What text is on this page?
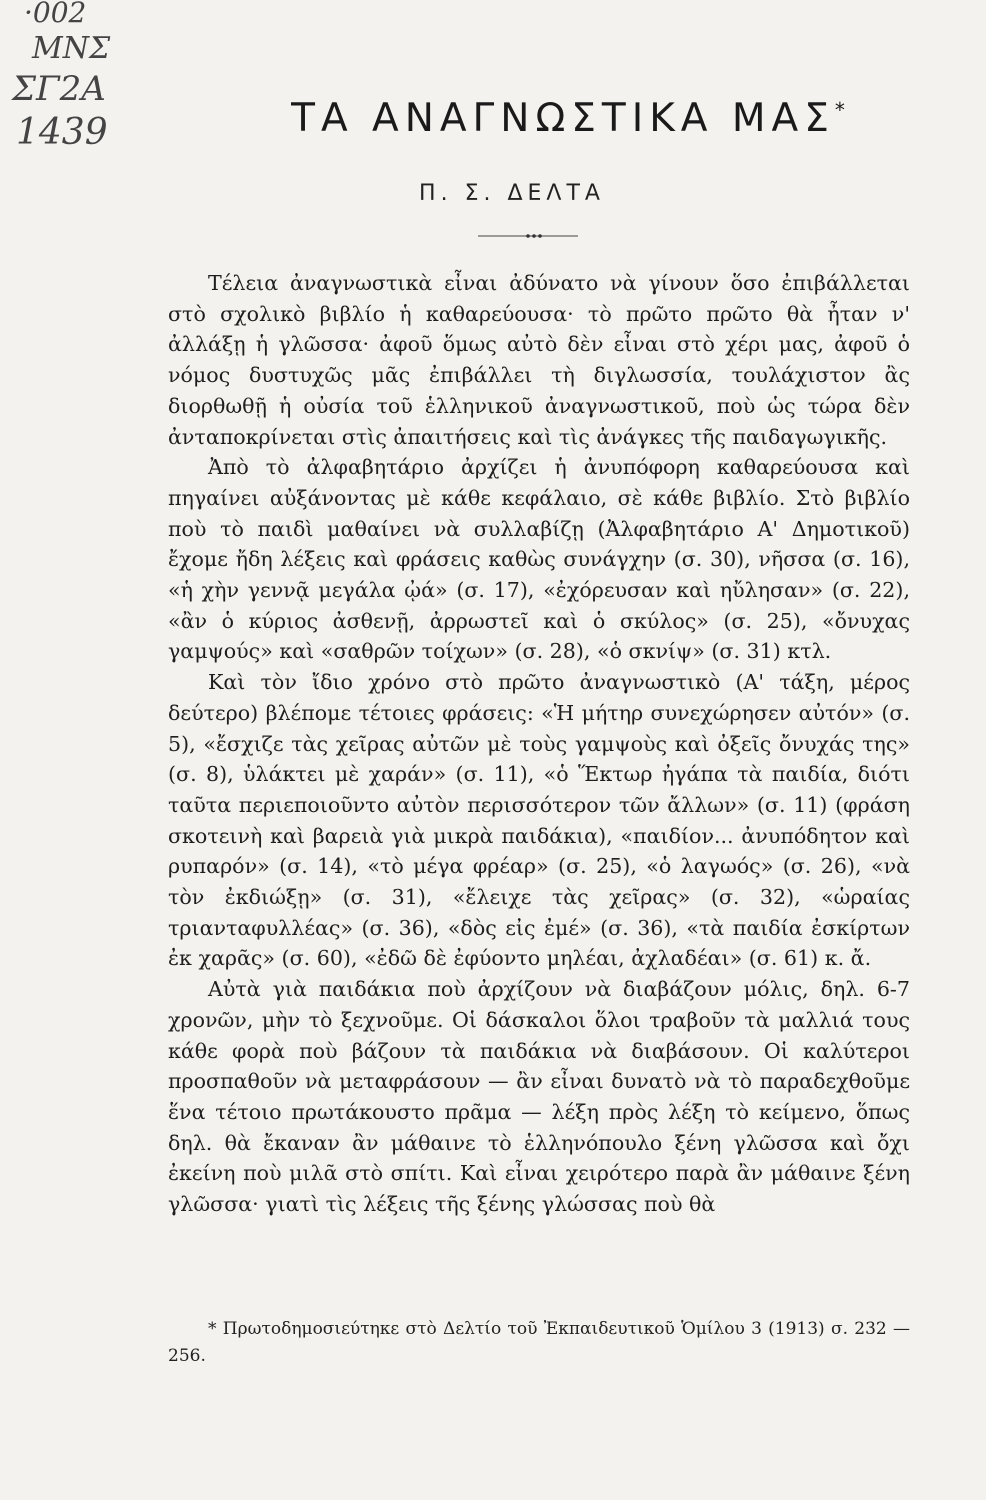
·002
ΜΝΣ
ΣΓ2Α
1439	ΤΑ ΑΝΑΓΝΩΣΤΙΚΑ ΜΑΣ*
Π. Σ. ΔΕΛΤΑ

Τέλεια ἀναγνωστικὰ εἶναι ἀδύνατο νὰ γίνουν ὅσο ἐπιβάλλεται στὸ σχολικὸ βιβλίο ἡ καθαρεύουσα· τὸ πρῶτο πρῶτο θὰ ἦταν ν' ἀλλάξῃ ἡ γλῶσσα· ἀφοῦ ὅμως αὐτὸ δὲν εἶναι στὸ χέρι μας, ἀφοῦ ὁ νόμος δυστυχῶς μᾶς ἐπιβάλλει τὴ διγλωσσία, τουλάχιστον ἂς διορθωθῇ ἡ οὐσία τοῦ ἑλληνικοῦ ἀναγνωστικοῦ, ποὺ ὡς τώρα δὲν ἀνταποκρίνεται στὶς ἀπαιτήσεις καὶ τὶς ἀνάγκες τῆς παιδαγωγικῆς.

Ἀπὸ τὸ ἀλφαβητάριο ἀρχίζει ἡ ἀνυπόφορη καθαρεύουσα καὶ πηγαίνει αὐξάνοντας μὲ κάθε κεφάλαιο, σὲ κάθε βιβλίο. Στὸ βιβλίο ποὺ τὸ παιδὶ μαθαίνει νὰ συλλαβίζῃ (Ἀλφαβητάριο Α' Δημοτικοῦ) ἔχομε ἤδη λέξεις καὶ φράσεις καθὼς συνάγχην (σ. 30), νῆσσα (σ. 16), «ἡ χὴν γεννᾷ μεγάλα ᾠά» (σ. 17), «ἐχόρευσαν καὶ ηὔλησαν» (σ. 22), «ἂν ὁ κύριος ἀσθενῇ, ἀρρωστεῖ καὶ ὁ σκύλος» (σ. 25), «ὄνυχας γαμψούς» καὶ «σαθρῶν τοίχων» (σ. 28), «ὁ σκνίψ» (σ. 31) κτλ.

Καὶ τὸν ἴδιο χρόνο στὸ πρῶτο ἀναγνωστικὸ (Α' τάξη, μέρος δεύτερο) βλέπομε τέτοιες φράσεις: «Ἡ μήτηρ συνεχώρησεν αὐτόν» (σ. 5), «ἔσχιζε τὰς χεῖρας αὐτῶν μὲ τοὺς γαμψοὺς καὶ ὀξεῖς ὄνυχάς της» (σ. 8), ὑλάκτει μὲ χαράν» (σ. 11), «ὁ Ἕκτωρ ἠγάπα τὰ παιδία, διότι ταῦτα περιεποιοῦντο αὐτὸν περισσότερον τῶν ἄλλων» (σ. 11) (φράση σκοτεινὴ καὶ βαρειὰ γιὰ μικρὰ παιδάκια), «παιδίον... ἀνυπόδητον καὶ ρυπαρόν» (σ. 14), «τὸ μέγα φρέαρ» (σ. 25), «ὁ λαγωός» (σ. 26), «νὰ τὸν ἐκδιώξῃ» (σ. 31), «ἔλειχε τὰς χεῖρας» (σ. 32), «ὡραίας τριανταφυλλέας» (σ. 36), «δὸς εἰς ἐμέ» (σ. 36), «τὰ παιδία ἐσκίρτων ἐκ χαρᾶς» (σ. 60), «ἐδῶ δὲ ἐφύοντο μηλέαι, ἀχλαδέαι» (σ. 61) κ. ἄ.

Αὐτὰ γιὰ παιδάκια ποὺ ἀρχίζουν νὰ διαβάζουν μόλις, δηλ. 6-7 χρονῶν, μὴν τὸ ξεχνοῦμε. Οἱ δάσκαλοι ὅλοι τραβοῦν τὰ μαλλιά τους κάθε φορὰ ποὺ βάζουν τὰ παιδάκια νὰ διαβάσουν. Οἱ καλύτεροι προσπαθοῦν νὰ μεταφράσουν — ἂν εἶναι δυνατὸ νὰ τὸ παραδεχθοῦμε ἕνα τέτοιο πρωτάκουστο πρᾶμα — λέξη πρὸς λέξη τὸ κείμενο, ὅπως δηλ. θὰ ἔκαναν ἂν μάθαινε τὸ ἑλληνόπουλο ξένη γλῶσσα καὶ ὄχι ἐκείνη ποὺ μιλᾶ στὸ σπίτι. Καὶ εἶναι χειρότερο παρὰ ἂν μάθαινε ξένη γλῶσσα· γιατὶ τὶς λέξεις τῆς ξένης γλώσσας ποὺ θὰ

* Πρωτοδημοσιεύτηκε στὸ Δελτίο τοῦ Ἐκπαιδευτικοῦ Ὁμίλου 3 (1913) σ. 232 — 256.
